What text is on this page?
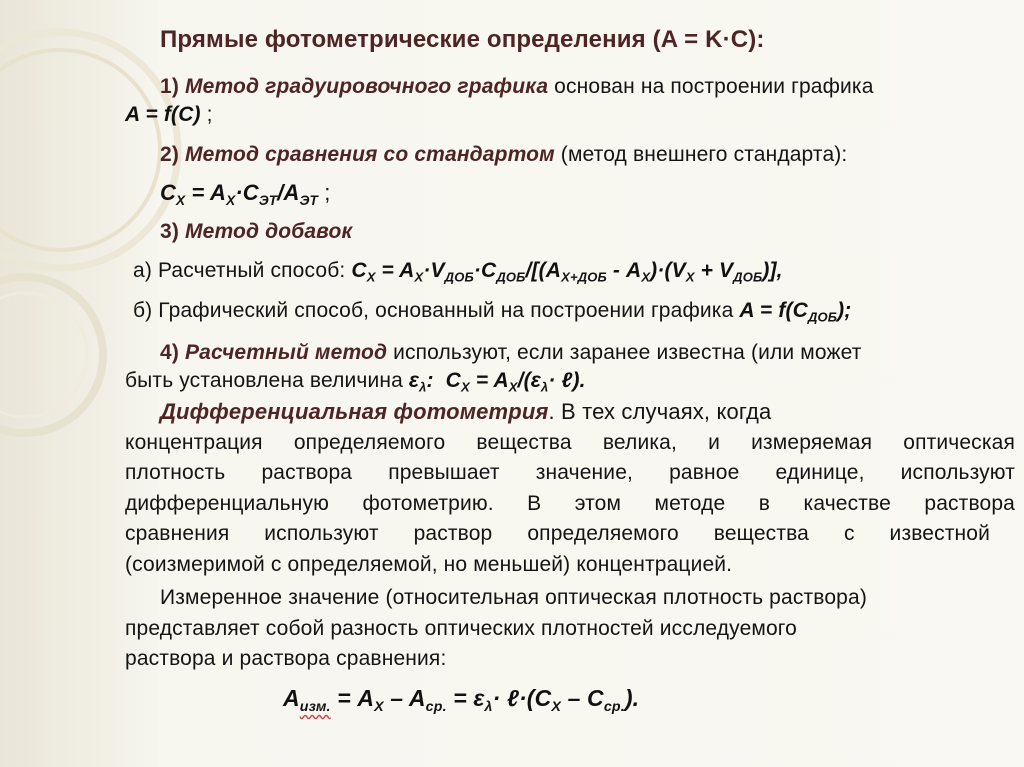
Прямые фотометрические определения (A = K·C):
1) Метод градуировочного графика основан на построении графика
A = f(C) ;
2) Метод сравнения со стандартом (метод внешнего стандарта):
$C_X = A_X\cdot C_{ЭТ}/A_{ЭТ}$ ;
3) Метод добавок
а) Расчетный способ: $C_X = A_X\cdot V_{ДОБ}\cdot C_{ДОБ}/[(A_{X+ДОБ} - A_X)\cdot(V_X + V_{ДОБ})]$,
б) Графический способ, основанный на построении графика $A = f(C_{ДОБ})$;
4) Расчетный метод используют, если заранее известна (или может
быть установлена величина $\varepsilon_\lambda$: $C_X = A_X/(\varepsilon_\lambda\cdot$ ℓ).
Дифференциальная фотометрия. В тех случаях, когда
концентрация определяемого вещества велика, и измеряемая оптическая
плотность раствора превышает значение, равное единице, используют
дифференциальную фотометрию. В этом методе в качестве раствора
сравнения используют раствор определяемого вещества с известной
(соизмеримой с определяемой, но меньшей) концентрацией.
Измеренное значение (относительная оптическая плотность раствора)
представляет собой разность оптических плотностей исследуемого
раствора и раствора сравнения:
$A_{изм.} = A_X - A_{ср.} = \varepsilon_\lambda\cdot$ $\ell\cdot(C_X - C_{ср.})$.
